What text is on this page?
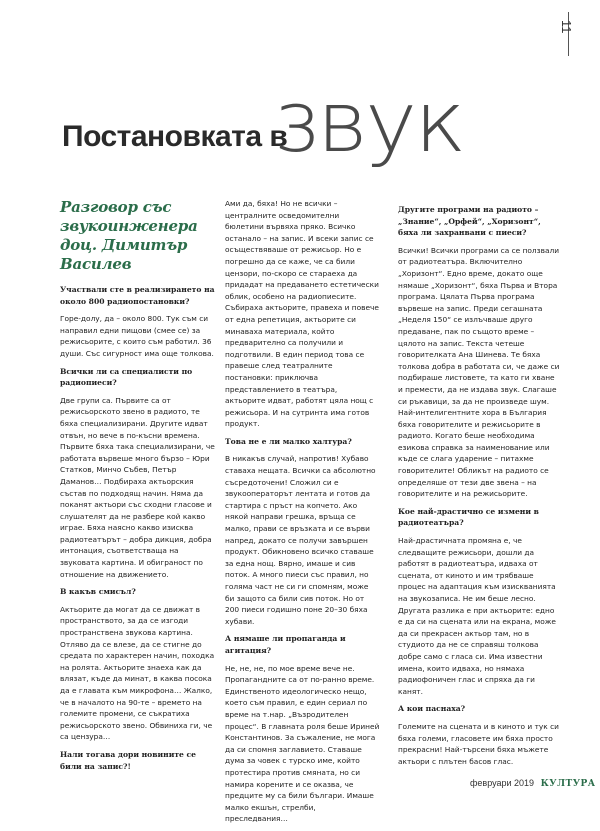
11
Постановката в
звук
Разговор със звукоинженера доц. Димитър Василев
Участвали сте в реализирането на около 800 радиопостановки?

Горе-долу, да – около 800. Тук съм си направил едни пищови (смее се) за режисьорите, с които съм работил. 36 души. Със сигурност има още толкова.

Всички ли са специалисти по радиопиеси?

Две групи са. Първите са от режисьорското звено в радиото, те бяха специализирани. Другите идват отвън, но вече в по-късни времена. Първите бяха така специализирани, че работата вървеше много бързо – Юри Статков, Минчо Събев, Петър Даманов… Подбираха актьорския състав по подходящ начин. Няма да поканят актьори със сходни гласове и слушателят да не разбере кой какво играе. Бяха наясно какво изисква радиотеатърът – добра дикция, добра интонация, съответстваща на звуковата картина. И обиграност по отношение на движението.

В какъв смисъл?

Актьорите да могат да се движат в пространството, за да се изгоди пространствена звукова картина. Отляво да се влезе, да се стигне до средата по характерен начин, походка на ролята. Актьорите знаеха как да влязат, къде да минат, в каква посока да е главата към микрофона… Жалко, че в началото на 90-те – времето на големите промени, се съкратиха режисьорското звено. Обвиниха ги, че са цензура…

Нали тогава дори новините се били на запис?!

Ами да, бяха! Но не всички – централните осведомителни бюлетини вървяха пряко. Всичко останало – на запис. И всеки запис се осъществяваше от режисьор. Но е погрешно да се каже, че са били цензори, по-скоро се стараеха да придадат на предаването естетически облик, особено на радиопиесите. Събираха актьорите, правеха и повече от една репетиция, актьорите си минаваха материала, който предварително са получили и подготвили. В един период това се правеше след театралните постановки: приключва представлението в театъра, актьорите идват, работят цяла нощ с режисьора. И на сутринта има готов продукт.

Това не е ли малко халтура?

В никакъв случай, напротив! Хубаво ставаха нещата. Всички са абсолютно съсредоточени! Сложил си е звукооператорът лентата и готов да стартира с пръст на копчето. Ако някой направи грешка, връща се малко, прави се връзката и се върви напред, докато се получи завършен продукт. Обикновено всичко ставаше за една нощ. Вярно, имаше и сив поток. А много пиеси със правил, но голяма част не си ги спомням, може би защото са били сив поток. Но от 200 пиеси годишно поне 20–30 бяха хубави.

А нямаше ли пропаганда и агитация?

Не, не, не, по мое време вече не. Пропагандните са от по-ранно време. Единственото идеологическо нещо, което съм правил, е един сериал по време на т.нар. „Възродителен процес“. В главната роля беше Ириней Константинов. За съжаление, не могa да си спомня заглавието. Ставаше дума за човек с турско име, който протестира против смяната, но си намира корените и се оказва, че предците му са били българи. Имаше малко екшън, стрелби, преследвания…

Другите програми на радиото – „Знание“, „Орфей“, „Хоризонт“, бяха ли захранвани с пиеси?

Всички! Всички програми са се ползвали от радиотеатъра. Включително „Хоризонт“. Едно време, докато още нямаше „Хоризонт“, бяха Първа и Втора програма. Цялата Първа програма вървеше на запис. Преди сегашната „Неделя 150“ се излъчваше друго предаване, пак по същото време – цялото на запис. Текста четеше говорителката Ана Шинева. Те бяха толкова добра в работата си, че даже си подбираше листовете, та като ги хване и премести, да не издава звук. Слагаше си ръкавици, за да не произведе шум. Най-интелигентните хора в България бяха говорителите и режисьорите в радиото. Когато беше необходима езикова справка за наименование или къде се слага ударение – питахме говорителите! Обликът на радиото се определяше от тези две звена – на говорителите и на режисьорите.

Кое най-драстично се измени в радиотеатъра?

Най-драстичната промяна е, че следващите режисьори, дошли да работят в радиотеатъра, идваха от сцената, от киното и им трябваше процес на адаптация към изискванията на звукозаписа. Не им беше лесно. Другата разлика е при актьорите: едно е да си на сцената или на екрана, може да си прекрасен актьор там, но в студиото да не се справяш толкова добре само с гласа си. Има известни имена, които идваха, но нямаха радиофоничен глас и спряха да ги канят.

А кои паснаха?

Големите на сцената и в киното и тук си бяха големи, гласовете им бяха просто прекрасни! Най-търсени бяха мъжете актьори с плътен басов глас.

февруари 2019 КУЛТУРА
